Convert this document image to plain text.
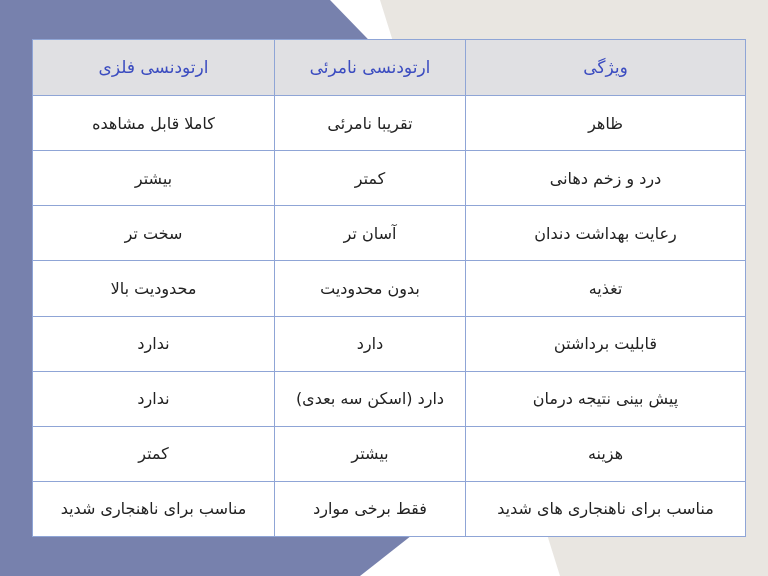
ویژگی	ارتودنسی نامرئی	ارتودنسی فلزی
ظاهر	تقریبا نامرئی	کاملا قابل مشاهده
درد و زخم دهانی	کمتر	بیشتر
رعایت بهداشت دندان	آسان تر	سخت تر
تغذیه	بدون محدودیت	محدودیت بالا
قابلیت برداشتن	دارد	ندارد
پیش بینی نتیجه درمان	دارد (اسکن سه بعدی)	ندارد
هزینه	بیشتر	کمتر
مناسب برای ناهنجاری های شدید	فقط برخی موارد	مناسب برای ناهنجاری شدید
